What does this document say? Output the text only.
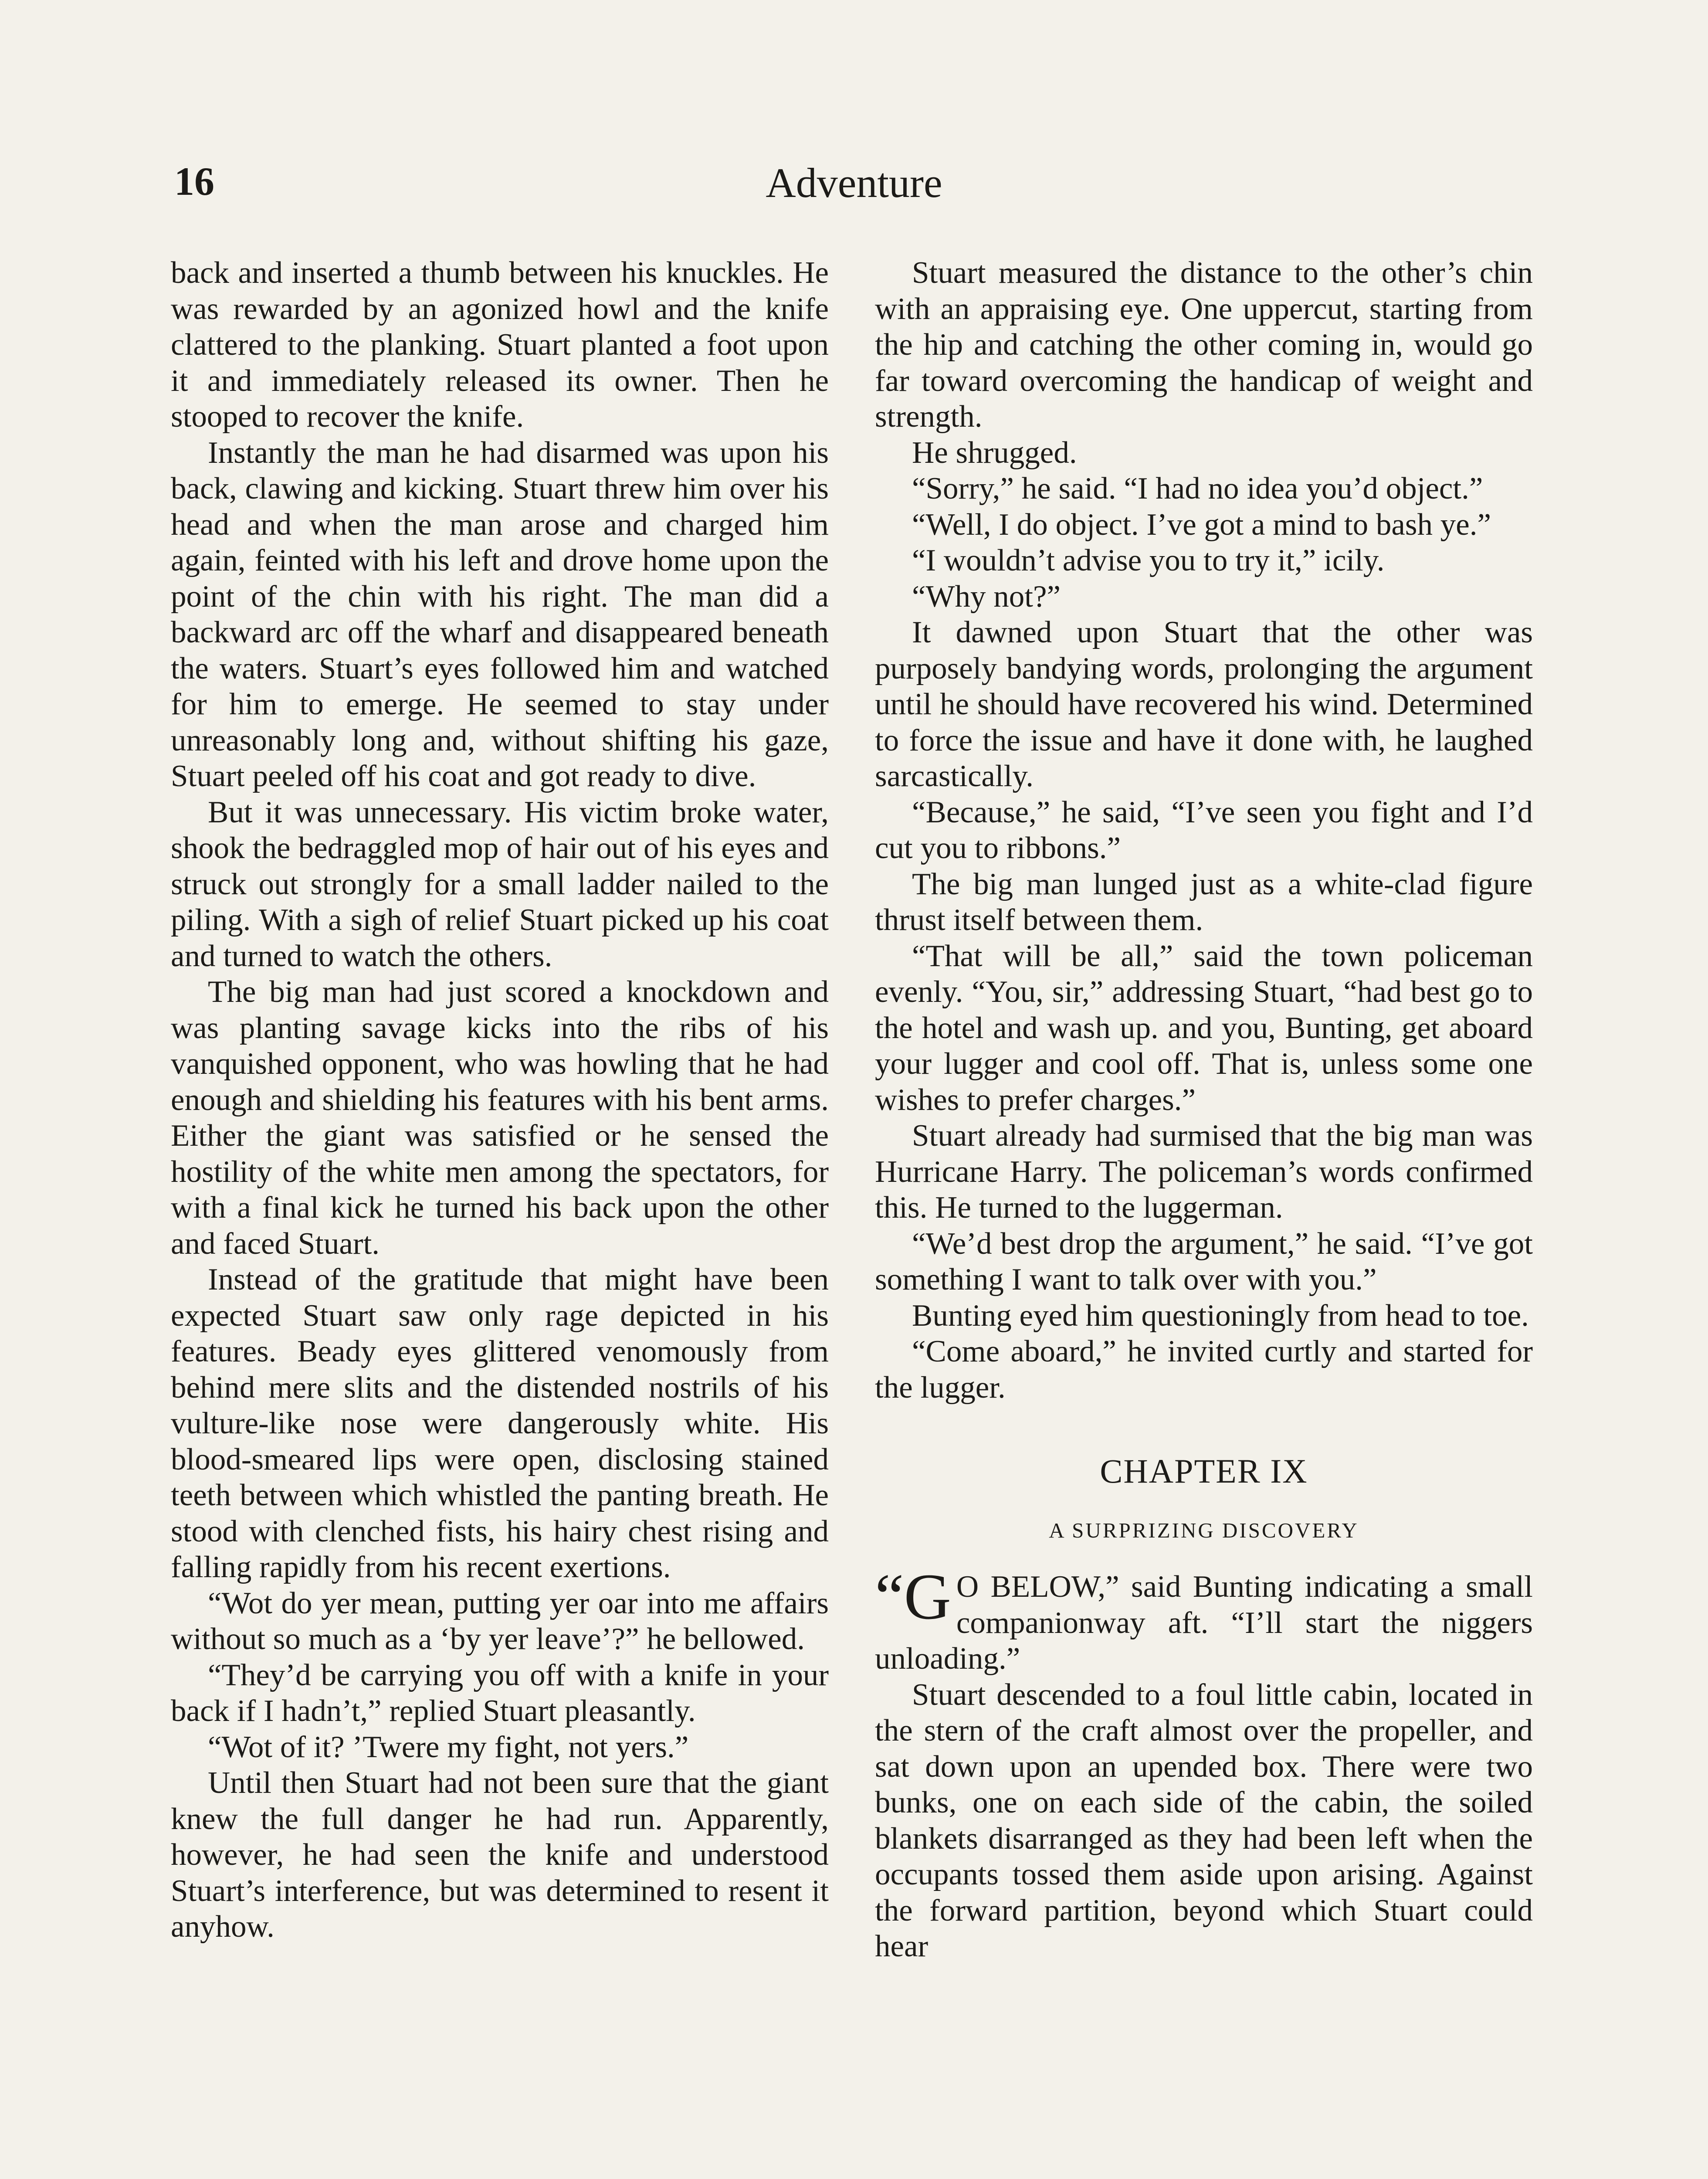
16	Adventure

back and inserted a thumb between his knuckles. He was rewarded by an agonized howl and the knife clattered to the planking. Stuart planted a foot upon it and immediately released its owner. Then he stooped to recover the knife.

Instantly the man he had disarmed was upon his back, clawing and kicking. Stuart threw him over his head and when the man arose and charged him again, feinted with his left and drove home upon the point of the chin with his right. The man did a backward arc off the wharf and disappeared beneath the waters. Stuart’s eyes followed him and watched for him to emerge. He seemed to stay under unreasonably long and, without shifting his gaze, Stuart peeled off his coat and got ready to dive.

But it was unnecessary. His victim broke water, shook the bedraggled mop of hair out of his eyes and struck out strongly for a small ladder nailed to the piling. With a sigh of relief Stuart picked up his coat and turned to watch the others.

The big man had just scored a knockdown and was planting savage kicks into the ribs of his vanquished opponent, who was howling that he had enough and shielding his features with his bent arms. Either the giant was satisfied or he sensed the hostility of the white men among the spectators, for with a final kick he turned his back upon the other and faced Stuart.

Instead of the gratitude that might have been expected Stuart saw only rage depicted in his features. Beady eyes glittered venomously from behind mere slits and the distended nostrils of his vulture-like nose were dangerously white. His blood-smeared lips were open, disclosing stained teeth between which whistled the panting breath. He stood with clenched fists, his hairy chest rising and falling rapidly from his recent exertions.

“Wot do yer mean, putting yer oar into me affairs without so much as a ‘by yer leave’?” he bellowed.

“They’d be carrying you off with a knife in your back if I hadn’t,” replied Stuart pleasantly.

“Wot of it? ’Twere my fight, not yers.”

Until then Stuart had not been sure that the giant knew the full danger he had run. Apparently, however, he had seen the knife and understood Stuart’s interference, but was determined to resent it anyhow.

Stuart measured the distance to the other’s chin with an appraising eye. One uppercut, starting from the hip and catching the other coming in, would go far toward overcoming the handicap of weight and strength.

He shrugged.

“Sorry,” he said. “I had no idea you’d object.”

“Well, I do object. I’ve got a mind to bash ye.”

“I wouldn’t advise you to try it,” icily.

“Why not?”

It dawned upon Stuart that the other was purposely bandying words, prolonging the argument until he should have recovered his wind. Determined to force the issue and have it done with, he laughed sarcastically.

“Because,” he said, “I’ve seen you fight and I’d cut you to ribbons.”

The big man lunged just as a white-clad figure thrust itself between them.

“That will be all,” said the town policeman evenly. “You, sir,” addressing Stuart, “had best go to the hotel and wash up. and you, Bunting, get aboard your lugger and cool off. That is, unless some one wishes to prefer charges.”

Stuart already had surmised that the big man was Hurricane Harry. The policeman’s words confirmed this. He turned to the luggerman.

“We’d best drop the argument,” he said. “I’ve got something I want to talk over with you.”

Bunting eyed him questioningly from head to toe.

“Come aboard,” he invited curtly and started for the lugger.

CHAPTER IX
A SURPRIZING DISCOVERY

“G O BELOW,” said Bunting indicating a small companionway aft. “I’ll start the niggers unloading.”

Stuart descended to a foul little cabin, located in the stern of the craft almost over the propeller, and sat down upon an upended box. There were two bunks, one on each side of the cabin, the soiled blankets disarranged as they had been left when the occupants tossed them aside upon arising. Against the forward partition, beyond which Stuart could hear
